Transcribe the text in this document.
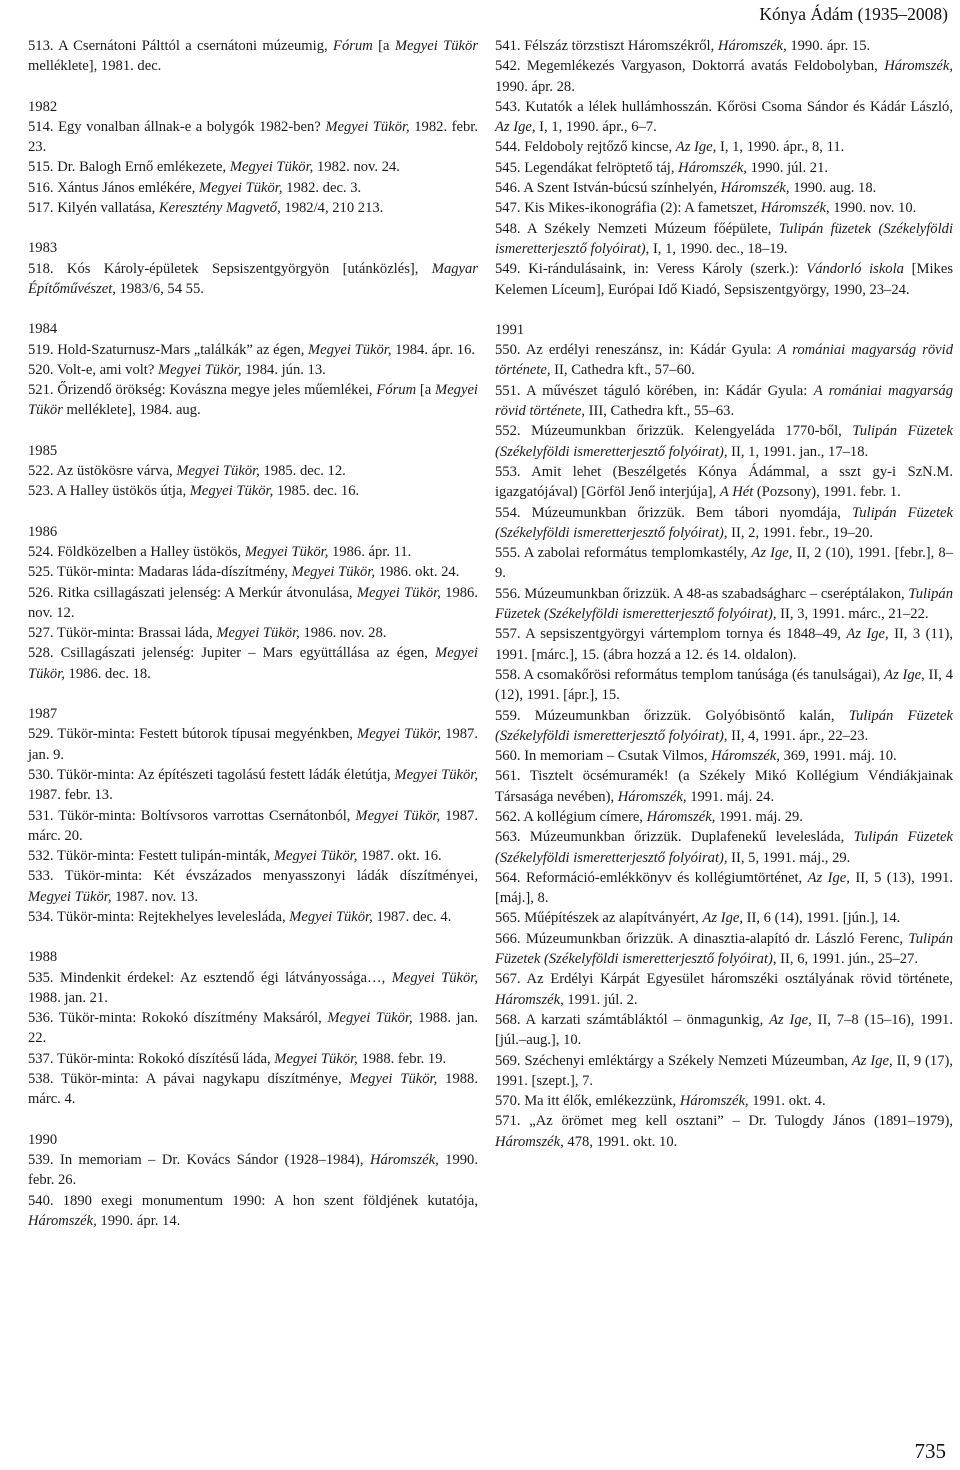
Kónya Ádám (1935–2008)

513. A Csernátoni Pálttól a csernátoni múzeumig, Fórum [a Megyei Tükör melléklete], 1981. dec.

1982

514. Egy vonalban állnak-e a bolygók 1982-ben? Megyei Tükör, 1982. febr. 23.

515. Dr. Balogh Ernő emlékezete, Megyei Tükör, 1982. nov. 24.

516. Xántus János emlékére, Megyei Tükör, 1982. dec. 3.

517. Kilyén vallatása, Keresztény Magvető, 1982/4, 210 213.

1983

518. Kós Károly-épületek Sepsiszentgyörgyön [utánközlés], Magyar Építőművészet, 1983/6, 54 55.

1984

519. Hold-Szaturnusz-Mars „találkák” az égen, Megyei Tükör, 1984. ápr. 16.

520. Volt-e, ami volt? Megyei Tükör, 1984. jún. 13.

521. Őrizendő örökség: Kovászna megye jeles műemlékei, Fórum [a Megyei Tükör melléklete], 1984. aug.

1985

522. Az üstökösre várva, Megyei Tükör, 1985. dec. 12.

523. A Halley üstökös útja, Megyei Tükör, 1985. dec. 16.

1986

524. Földközelben a Halley üstökös, Megyei Tükör, 1986. ápr. 11.

525. Tükör-minta: Madaras láda-díszítmény, Megyei Tükör, 1986. okt. 24.

526. Ritka csillagászati jelenség: A Merkúr átvonulása, Megyei Tükör, 1986. nov. 12.

527. Tükör-minta: Brassai láda, Megyei Tükör, 1986. nov. 28.

528. Csillagászati jelenség: Jupiter – Mars együttállása az égen, Megyei Tükör, 1986. dec. 18.

1987

529. Tükör-minta: Festett bútorok típusai megyénkben, Megyei Tükör, 1987. jan. 9.

530. Tükör-minta: Az építészeti tagolású festett ládák életútja, Megyei Tükör, 1987. febr. 13.

531. Tükör-minta: Boltívsoros varrottas Csernátonból, Megyei Tükör, 1987. márc. 20.

532. Tükör-minta: Festett tulipán-minták, Megyei Tükör, 1987. okt. 16.

533. Tükör-minta: Két évszázados menyasszonyi ládák díszítményei, Megyei Tükör, 1987. nov. 13.

534. Tükör-minta: Rejtekhelyes levelesláda, Megyei Tükör, 1987. dec. 4.

1988

535. Mindenkit érdekel: Az esztendő égi látványossága…, Megyei Tükör, 1988. jan. 21.

536. Tükör-minta: Rokokó díszítmény Maksáról, Megyei Tükör, 1988. jan. 22.

537. Tükör-minta: Rokokó díszítésű láda, Megyei Tükör, 1988. febr. 19.

538. Tükör-minta: A pávai nagykapu díszítménye, Megyei Tükör, 1988. márc. 4.

1990

539. In memoriam – Dr. Kovács Sándor (1928–1984), Háromszék, 1990. febr. 26.

540. 1890 exegi monumentum 1990: A hon szent földjének kutatója, Háromszék, 1990. ápr. 14.

541. Félszáz törzstiszt Háromszékről, Háromszék, 1990. ápr. 15.

542. Megemlékezés Vargyason, Doktorrá avatás Feldobolyban, Háromszék, 1990. ápr. 28.

543. Kutatók a lélek hullámhosszán. Kőrösi Csoma Sándor és Kádár László, Az Ige, I, 1, 1990. ápr., 6–7.

544. Feldoboly rejtőző kincse, Az Ige, I, 1, 1990. ápr., 8, 11.

545. Legendákat felröptető táj, Háromszék, 1990. júl. 21.

546. A Szent István-búcsú színhelyén, Háromszék, 1990. aug. 18.

547. Kis Mikes-ikonográfia (2): A fametszet, Háromszék, 1990. nov. 10.

548. A Székely Nemzeti Múzeum főépülete, Tulipán füzetek (Székelyföldi ismeretterjesztő folyóirat), I, 1, 1990. dec., 18–19.

549. Ki-rándulásaink, in: Veress Károly (szerk.): Vándorló iskola [Mikes Kelemen Líceum], Európai Idő Kiadó, Sepsiszentgyörgy, 1990, 23–24.

1991

550. Az erdélyi reneszánsz, in: Kádár Gyula: A romániai magyarság rövid története, II, Cathedra kft., 57–60.

551. A művészet táguló körében, in: Kádár Gyula: A romániai magyarság rövid története, III, Cathedra kft., 55–63.

552. Múzeumunkban őrizzük. Kelengyeláda 1770-ből, Tulipán Füzetek (Székelyföldi ismeretterjesztő folyóirat), II, 1, 1991. jan., 17–18.

553. Amit lehet (Beszélgetés Kónya Ádámmal, a sszt gy-i SzN.M. igazgatójával) [Görföl Jenő interjúja], A Hét (Pozsony), 1991. febr. 1.

554. Múzeumunkban őrizzük. Bem tábori nyomdája, Tulipán Füzetek (Székelyföldi ismeretterjesztő folyóirat), II, 2, 1991. febr., 19–20.

555. A zabolai református templomkastély, Az Ige, II, 2 (10), 1991. [febr.], 8–9.

556. Múzeumunkban őrizzük. A 48-as szabadságharc – cseréptálakon, Tulipán Füzetek (Székelyföldi ismeretterjesztő folyóirat), II, 3, 1991. márc., 21–22.

557. A sepsiszentgyörgyi vártemplom tornya és 1848–49, Az Ige, II, 3 (11), 1991. [márc.], 15. (ábra hozzá a 12. és 14. oldalon).

558. A csomakőrösi református templom tanúsága (és tanulságai), Az Ige, II, 4 (12), 1991. [ápr.], 15.

559. Múzeumunkban őrizzük. Golyóbisöntő kalán, Tulipán Füzetek (Székelyföldi ismeretterjesztő folyóirat), II, 4, 1991. ápr., 22–23.

560. In memoriam – Csutak Vilmos, Háromszék, 369, 1991. máj. 10.

561. Tisztelt öcsémuramék! (a Székely Mikó Kollégium Véndiákjainak Társasága nevében), Háromszék, 1991. máj. 24.

562. A kollégium címere, Háromszék, 1991. máj. 29.

563. Múzeumunkban őrizzük. Duplafenekű levelesláda, Tulipán Füzetek (Székelyföldi ismeretterjesztő folyóirat), II, 5, 1991. máj., 29.

564. Reformáció-emlékkönyv és kollégiumtörténet, Az Ige, II, 5 (13), 1991. [máj.], 8.

565. Műépítészek az alapítványért, Az Ige, II, 6 (14), 1991. [jún.], 14.

566. Múzeumunkban őrizzük. A dinasztia-alapító dr. László Ferenc, Tulipán Füzetek (Székelyföldi ismeretterjesztő folyóirat), II, 6, 1991. jún., 25–27.

567. Az Erdélyi Kárpát Egyesület háromszéki osztályának rövid története, Háromszék, 1991. júl. 2.

568. A karzati számtábláktól – önmagunkig, Az Ige, II, 7–8 (15–16), 1991. [júl.–aug.], 10.

569. Széchenyi emléktárgy a Székely Nemzeti Múzeumban, Az Ige, II, 9 (17), 1991. [szept.], 7.

570. Ma itt élők, emlékezzünk, Háromszék, 1991. okt. 4.

571. „Az örömet meg kell osztani” – Dr. Tulogdy János (1891–1979), Háromszék, 478, 1991. okt. 10.

735
